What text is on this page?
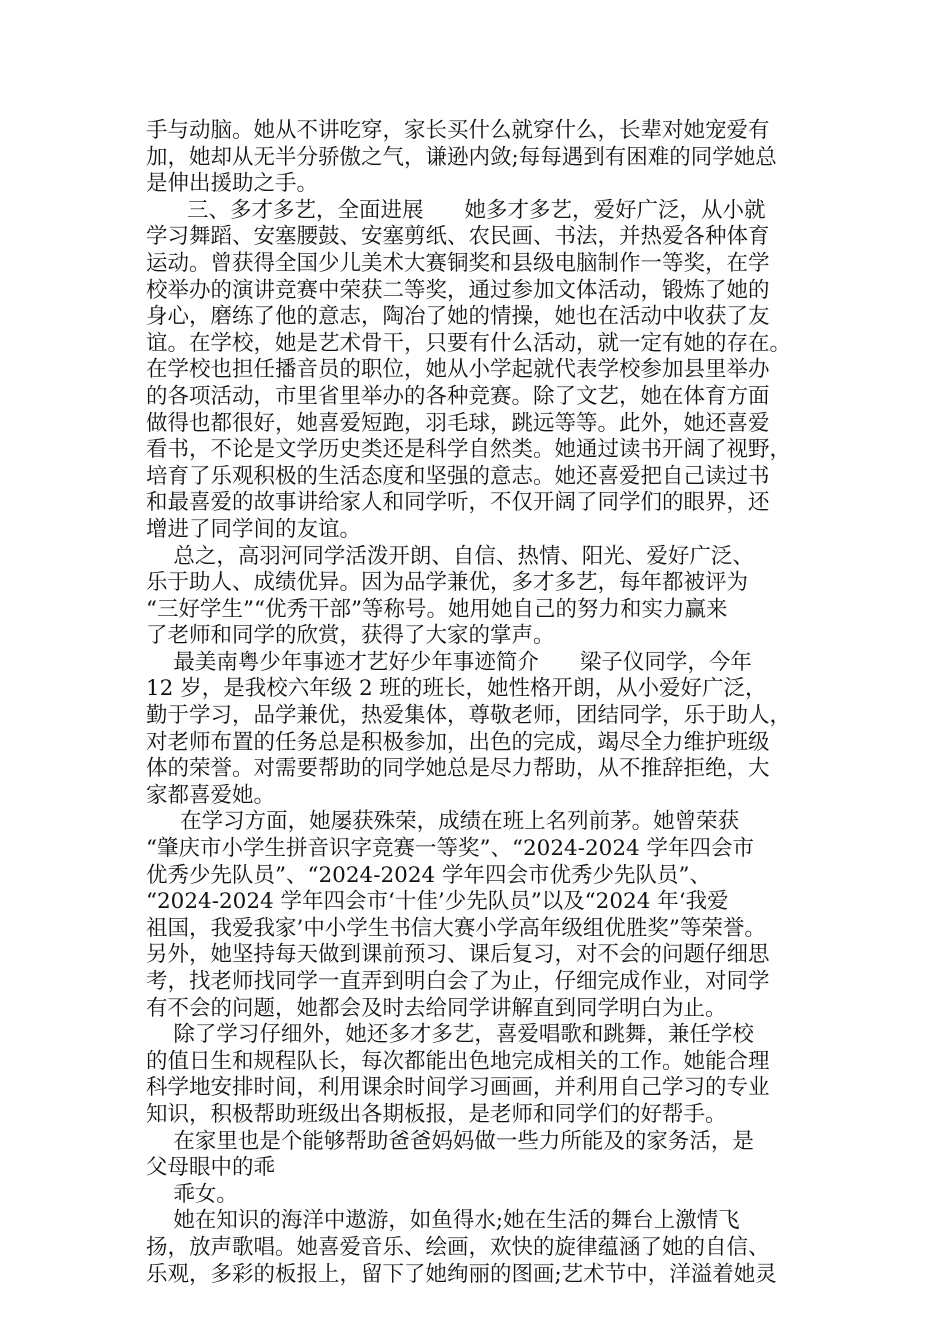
手与动脑。她从不讲吃穿，家长买什么就穿什么，长辈对她宠爱有
加，她却从无半分骄傲之气，谦逊内敛;每每遇到有困难的同学她总
是伸出援助之手。
三、多才多艺，全面进展      她多才多艺，爱好广泛，从小就
学习舞蹈、安塞腰鼓、安塞剪纸、农民画、书法，并热爱各种体育
运动。曾获得全国少儿美术大赛铜奖和县级电脑制作一等奖，在学
校举办的演讲竞赛中荣获二等奖，通过参加文体活动，锻炼了她的
身心，磨练了他的意志，陶冶了她的情操，她也在活动中收获了友
谊。在学校，她是艺术骨干，只要有什么活动，就一定有她的存在。
在学校也担任播音员的职位，她从小学起就代表学校参加县里举办
的各项活动，市里省里举办的各种竞赛。除了文艺，她在体育方面
做得也都很好，她喜爱短跑，羽毛球，跳远等等。此外，她还喜爱
看书，不论是文学历史类还是科学自然类。她通过读书开阔了视野，
培育了乐观积极的生活态度和坚强的意志。她还喜爱把自己读过书
和最喜爱的故事讲给家人和同学听，不仅开阔了同学们的眼界，还
增进了同学间的友谊。
总之，高羽河同学活泼开朗、自信、热情、阳光、爱好广泛、
乐于助人、成绩优异。因为品学兼优，多才多艺，每年都被评为
“三好学生”“优秀干部”等称号。她用她自己的努力和实力赢来
了老师和同学的欣赏，获得了大家的掌声。
最美南粤少年事迹才艺好少年事迹简介      梁子仪同学，今年
12 岁，是我校六年级 2 班的班长，她性格开朗，从小爱好广泛，
勤于学习，品学兼优，热爱集体，尊敬老师，团结同学，乐于助人，
对老师布置的任务总是积极参加，出色的完成，竭尽全力维护班级
体的荣誉。对需要帮助的同学她总是尽力帮助，从不推辞拒绝，大
家都喜爱她。
在学习方面，她屡获殊荣，成绩在班上名列前茅。她曾荣获
“肇庆市小学生拼音识字竞赛一等奖”、“2024-2024 学年四会市
优秀少先队员”、“2024-2024 学年四会市优秀少先队员”、
“2024-2024 学年四会市‘十佳’少先队员”以及“2024 年‘我爱
祖国，我爱我家’中小学生书信大赛小学高年级组优胜奖”等荣誉。
另外，她坚持每天做到课前预习、课后复习，对不会的问题仔细思
考，找老师找同学一直弄到明白会了为止，仔细完成作业，对同学
有不会的问题，她都会及时去给同学讲解直到同学明白为止。
除了学习仔细外，她还多才多艺，喜爱唱歌和跳舞，兼任学校
的值日生和规程队长，每次都能出色地完成相关的工作。她能合理
科学地安排时间，利用课余时间学习画画，并利用自己学习的专业
知识，积极帮助班级出各期板报，是老师和同学们的好帮手。
在家里也是个能够帮助爸爸妈妈做一些力所能及的家务活，是
父母眼中的乖
乖女。
她在知识的海洋中遨游，如鱼得水;她在生活的舞台上激情飞
扬，放声歌唱。她喜爱音乐、绘画，欢快的旋律蕴涵了她的自信、
乐观，多彩的板报上，留下了她绚丽的图画;艺术节中，洋溢着她灵
